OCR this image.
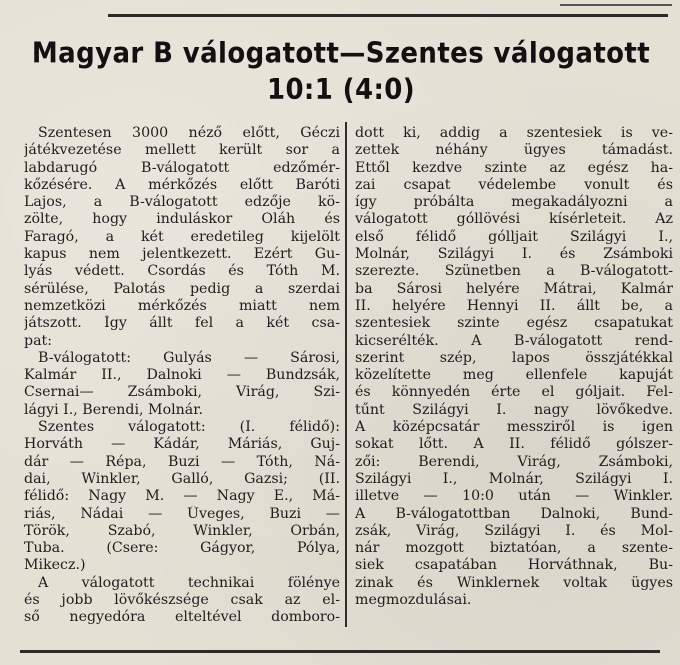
Magyar B válogatott—Szentes válogatott
10:1 (4:0)
Szentesen 3000 néző előtt, Géczi
játékvezetése mellett került sor a
labdarugó B-válogatott edzőmér-
kőzésére. A mérkőzés előtt Baróti
Lajos, a B-válogatott edzője kö-
zölte, hogy induláskor Oláh és
Faragó, a két eredetileg kijelölt
kapus nem jelentkezett. Ezért Gu-
lyás védett. Csordás és Tóth M.
sérülése, Palotás pedig a szerdai
nemzetközi mérkőzés miatt nem
játszott. Így állt fel a két csa-
pat:
B-válogatott: Gulyás — Sárosi,
Kalmár II., Dalnoki — Bundzsák,
Csernai— Zsámboki, Virág, Szi-
lágyi I., Berendi, Molnár.
Szentes válogatott: (I. félidő):
Horváth — Kádár, Máriás, Guj-
dár — Répa, Buzi — Tóth, Ná-
dai, Winkler, Galló, Gazsi; (II.
félidő: Nagy M. — Nagy E., Má-
riás, Nádai — Üveges, Buzi —
Török, Szabó, Winkler, Orbán,
Tuba. (Csere: Gágyor, Pólya,
Mikecz.)
A válogatott technikai fölénye
és jobb lövőkészsége csak az el-
ső negyedóra elteltével domboro-
dott ki, addig a szentesiek is ve-
zettek néhány ügyes támadást.
Ettől kezdve szinte az egész ha-
zai csapat védelembe vonult és
így próbálta megakadályozni a
válogatott góllövési kísérleteit. Az
első félidő gólljait Szilágyi I.,
Molnár, Szilágyi I. és Zsámboki
szerezte. Szünetben a B-válogatott-
ba Sárosi helyére Mátrai, Kalmár
II. helyére Hennyi II. állt be, a
szentesiek szinte egész csapatukat
kicserélték. A B-válogatott rend-
szerint szép, lapos összjátékkal
közelítette meg ellenfele kapuját
és könnyedén érte el góljait. Fel-
tűnt Szilágyi I. nagy lövőkedve.
A középcsatár messziről is igen
sokat lőtt. A II. félidő gólszer-
zői: Berendi, Virág, Zsámboki,
Szilágyi I., Molnár, Szilágyi I.
illetve — 10:0 után — Winkler.
A B-válogatottban Dalnoki, Bund-
zsák, Virág, Szilágyi I. és Mol-
nár mozgott biztatóan, a szente-
siek csapatában Horváthnak, Bu-
zinak és Winklernek voltak ügyes
megmozdulásai.
